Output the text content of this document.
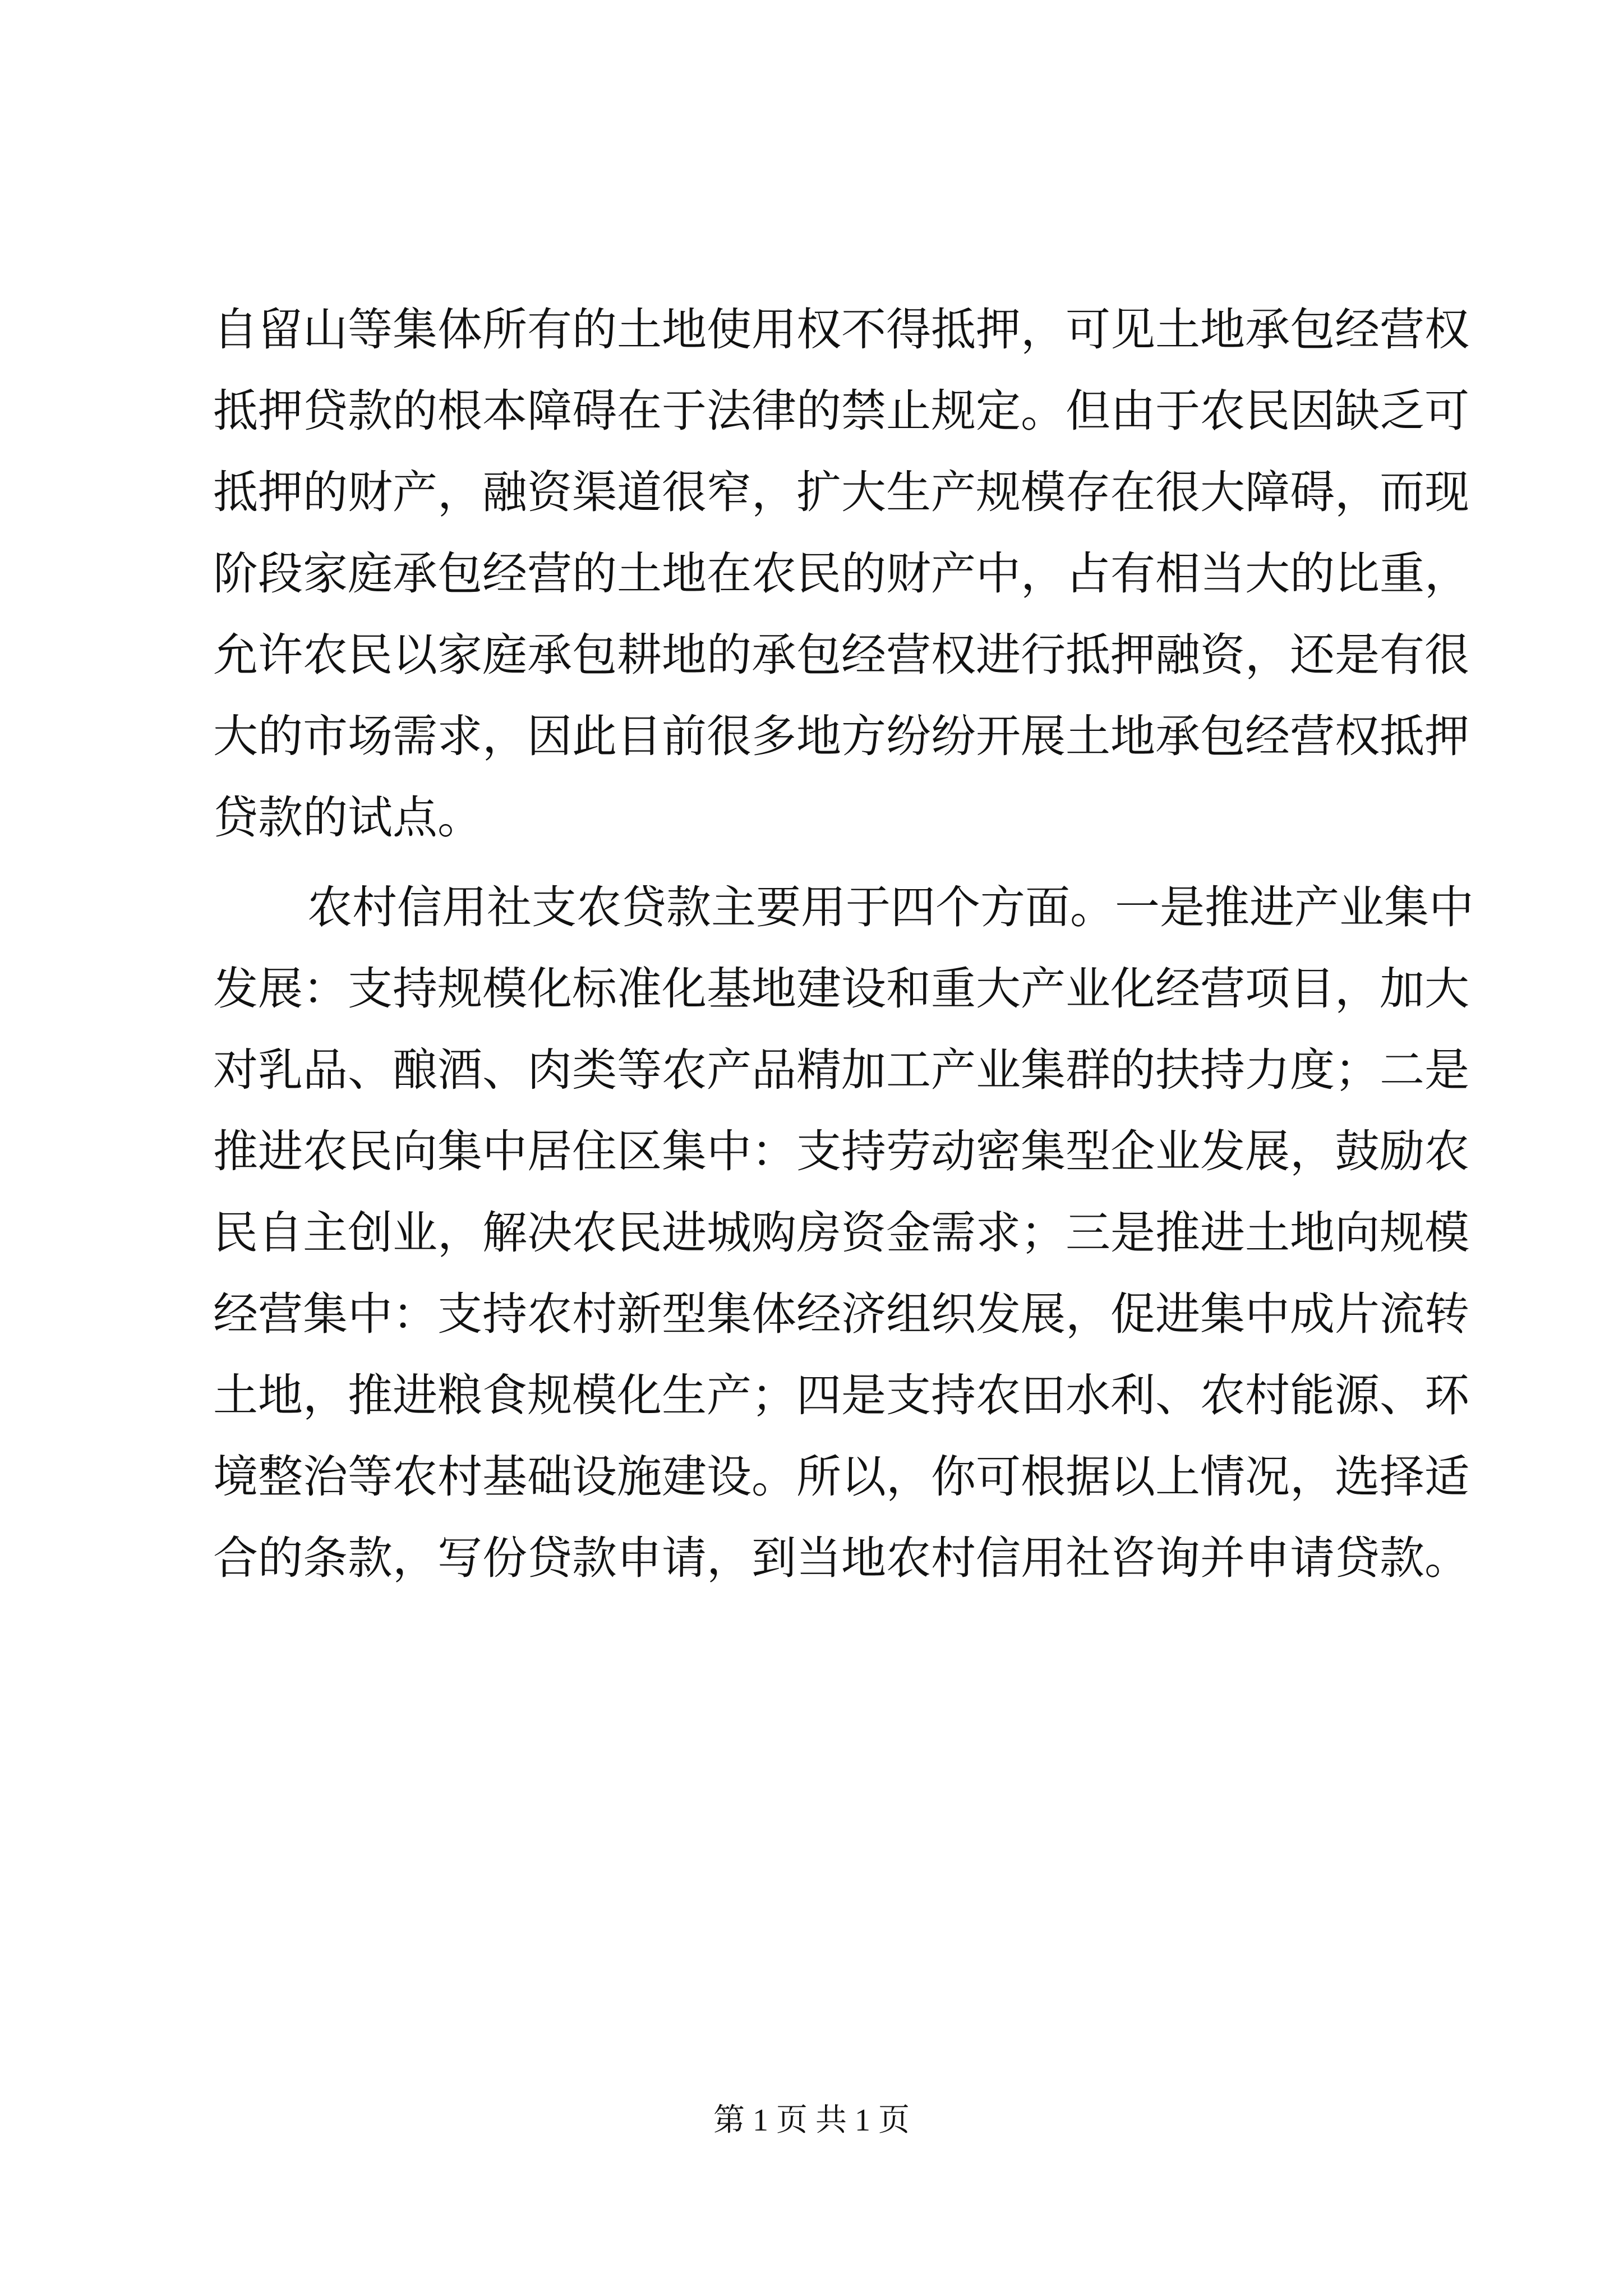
自留山等集体所有的土地使用权不得抵押，可见土地承包经营权
抵押贷款的根本障碍在于法律的禁止规定。但由于农民因缺乏可
抵押的财产，融资渠道很窄，扩大生产规模存在很大障碍，而现
阶段家庭承包经营的土地在农民的财产中，占有相当大的比重，
允许农民以家庭承包耕地的承包经营权进行抵押融资，还是有很
大的市场需求，因此目前很多地方纷纷开展土地承包经营权抵押
贷款的试点。
农村信用社支农贷款主要用于四个方面。一是推进产业集中
发展：支持规模化标准化基地建设和重大产业化经营项目，加大
对乳品、酿酒、肉类等农产品精加工产业集群的扶持力度；二是
推进农民向集中居住区集中：支持劳动密集型企业发展，鼓励农
民自主创业，解决农民进城购房资金需求；三是推进土地向规模
经营集中：支持农村新型集体经济组织发展，促进集中成片流转
土地，推进粮食规模化生产；四是支持农田水利、农村能源、环
境整治等农村基础设施建设。所以，你可根据以上情况，选择适
合的条款，写份贷款申请，到当地农村信用社咨询并申请贷款。
第 1 页 共 1 页
